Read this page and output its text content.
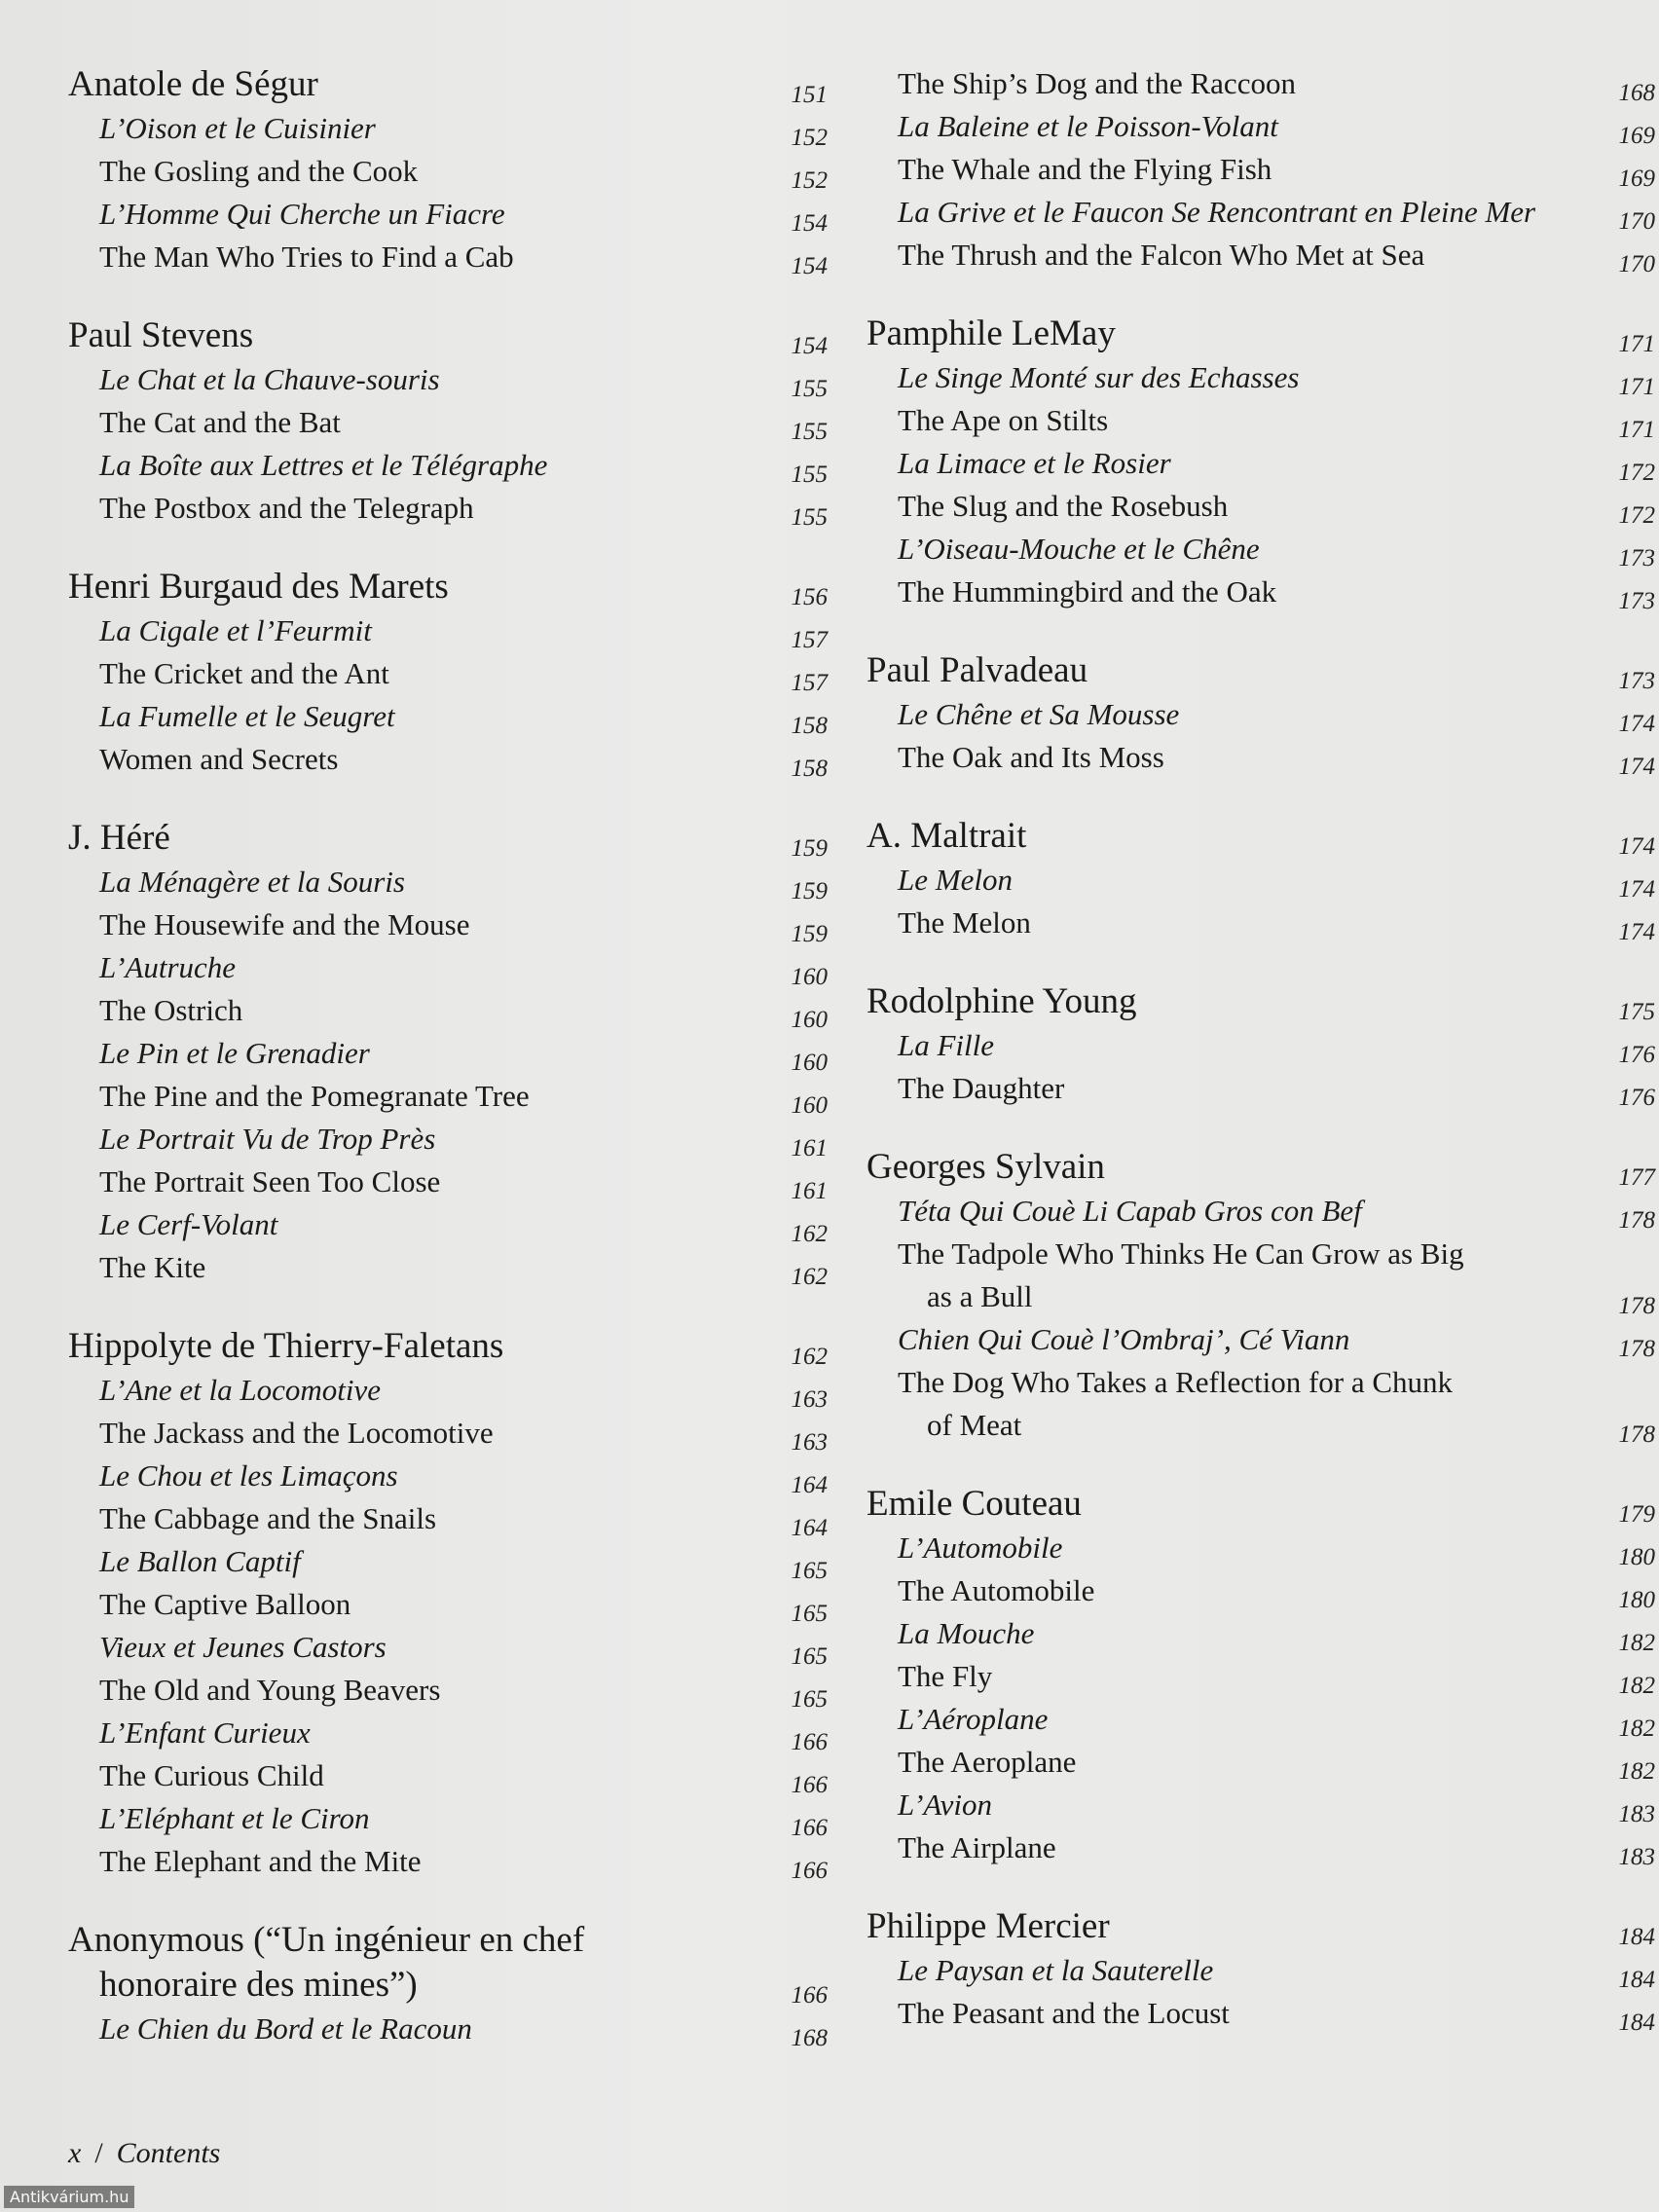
Anatole de Ségur	151
L’Oison et le Cuisinier	152
The Gosling and the Cook	152
L’Homme Qui Cherche un Fiacre	154
The Man Who Tries to Find a Cab	154
Paul Stevens	154
Le Chat et la Chauve-souris	155
The Cat and the Bat	155
La Boîte aux Lettres et le Télégraphe	155
The Postbox and the Telegraph	155
Henri Burgaud des Marets	156
La Cigale et l’Feurmit	157
The Cricket and the Ant	157
La Fumelle et le Seugret	158
Women and Secrets	158
J. Héré	159
La Ménagère et la Souris	159
The Housewife and the Mouse	159
L’Autruche	160
The Ostrich	160
Le Pin et le Grenadier	160
The Pine and the Pomegranate Tree	160
Le Portrait Vu de Trop Près	161
The Portrait Seen Too Close	161
Le Cerf-Volant	162
The Kite	162
Hippolyte de Thierry-Faletans	162
L’Ane et la Locomotive	163
The Jackass and the Locomotive	163
Le Chou et les Limaçons	164
The Cabbage and the Snails	164
Le Ballon Captif	165
The Captive Balloon	165
Vieux et Jeunes Castors	165
The Old and Young Beavers	165
L’Enfant Curieux	166
The Curious Child	166
L’Eléphant et le Ciron	166
The Elephant and the Mite	166
Anonymous (“Un ingénieur en chef
honoraire des mines”)	166
Le Chien du Bord et le Racoun	168
The Ship’s Dog and the Raccoon	168
La Baleine et le Poisson-Volant	169
The Whale and the Flying Fish	169
La Grive et le Faucon Se Rencontrant en Pleine Mer	170
The Thrush and the Falcon Who Met at Sea	170
Pamphile LeMay	171
Le Singe Monté sur des Echasses	171
The Ape on Stilts	171
La Limace et le Rosier	172
The Slug and the Rosebush	172
L’Oiseau-Mouche et le Chêne	173
The Hummingbird and the Oak	173
Paul Palvadeau	173
Le Chêne et Sa Mousse	174
The Oak and Its Moss	174
A. Maltrait	174
Le Melon	174
The Melon	174
Rodolphine Young	175
La Fille	176
The Daughter	176
Georges Sylvain	177
Téta Qui Couè Li Capab Gros con Bef	178
The Tadpole Who Thinks He Can Grow as Big
as a Bull	178
Chien Qui Couè l’Ombraj’, Cé Viann	178
The Dog Who Takes a Reflection for a Chunk
of Meat	178
Emile Couteau	179
L’Automobile	180
The Automobile	180
La Mouche	182
The Fly	182
L’Aéroplane	182
The Aeroplane	182
L’Avion	183
The Airplane	183
Philippe Mercier	184
Le Paysan et la Sauterelle	184
The Peasant and the Locust	184
x / Contents
Antikvárium.hu
